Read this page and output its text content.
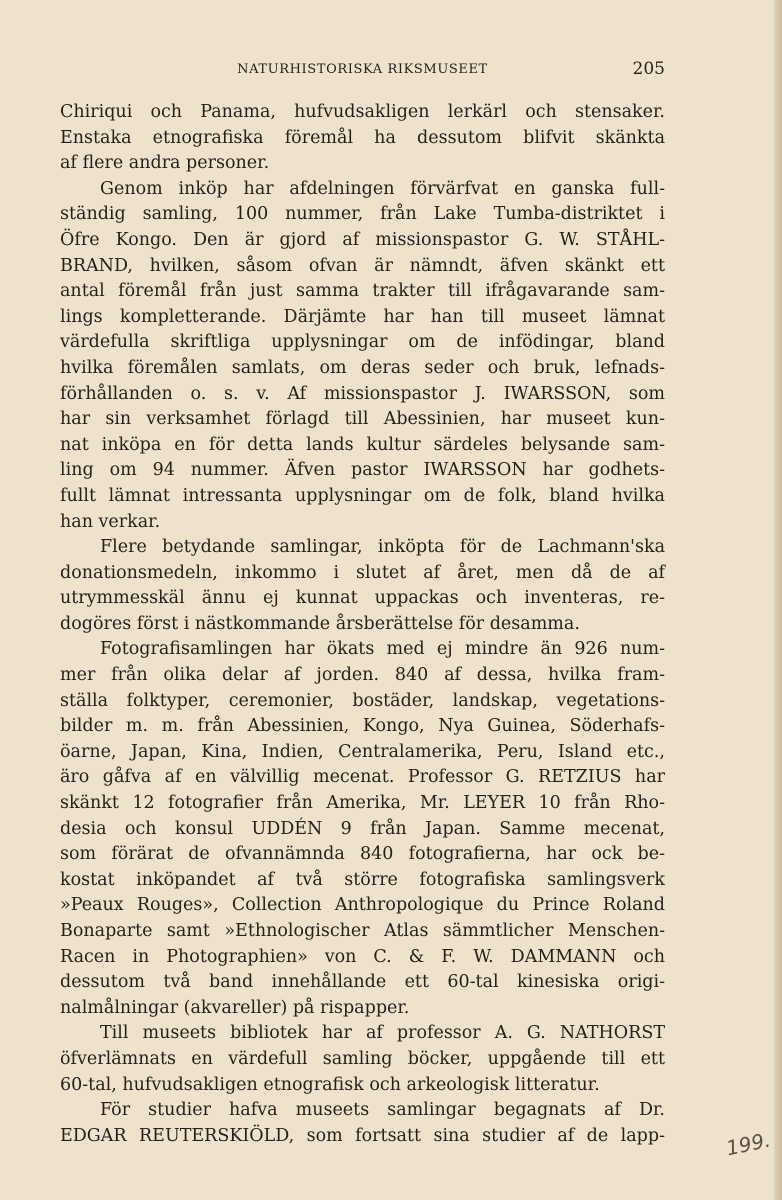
NATURHISTORISKA RIKSMUSEET	205
Chiriqui och Panama, hufvudsakligen lerkärl och stensaker.
Enstaka etnografiska föremål ha dessutom blifvit skänkta
af flere andra personer.
Genom inköp har afdelningen förvärfvat en ganska full-
ständig samling, 100 nummer, från Lake Tumba-distriktet i
Öfre Kongo. Den är gjord af missionspastor G. W. STÅHL-
BRAND, hvilken, såsom ofvan är nämndt, äfven skänkt ett
antal föremål från just samma trakter till ifrågavarande sam-
lings kompletterande. Därjämte har han till museet lämnat
värdefulla skriftliga upplysningar om de infödingar, bland
hvilka föremålen samlats, om deras seder och bruk, lefnads-
förhållanden o. s. v. Af missionspastor J. IWARSSON, som
har sin verksamhet förlagd till Abessinien, har museet kun-
nat inköpa en för detta lands kultur särdeles belysande sam-
ling om 94 nummer. Äfven pastor IWARSSON har godhets-
fullt lämnat intressanta upplysningar om de folk, bland hvilka
han verkar.
Flere betydande samlingar, inköpta för de Lachmann'ska
donationsmedeln, inkommo i slutet af året, men då de af
utrymmesskäl ännu ej kunnat uppackas och inventeras, re-
dogöres först i nästkommande årsberättelse för desamma.
Fotografisamlingen har ökats med ej mindre än 926 num-
mer från olika delar af jorden. 840 af dessa, hvilka fram-
ställa folktyper, ceremonier, bostäder, landskap, vegetations-
bilder m. m. från Abessinien, Kongo, Nya Guinea, Söderhafs-
öarne, Japan, Kina, Indien, Centralamerika, Peru, Island etc.,
äro gåfva af en välvillig mecenat. Professor G. RETZIUS har
skänkt 12 fotografier från Amerika, Mr. LEYER 10 från Rho-
desia och konsul UDDÉN 9 från Japan. Samme mecenat,
som förärat de ofvannämnda 840 fotografierna, har ock be-
kostat inköpandet af två större fotografiska samlingsverk
»Peaux Rouges», Collection Anthropologique du Prince Roland
Bonaparte samt »Ethnologischer Atlas sämmtlicher Menschen-
Racen in Photographien» von C. & F. W. DAMMANN och
dessutom två band innehållande ett 60-tal kinesiska origi-
nalmålningar (akvareller) på rispapper.
Till museets bibliotek har af professor A. G. NATHORST
öfverlämnats en värdefull samling böcker, uppgående till ett
60-tal, hufvudsakligen etnografisk och arkeologisk litteratur.
För studier hafva museets samlingar begagnats af Dr.
EDGAR REUTERSKIÖLD, som fortsatt sina studier af de lapp-	199.
